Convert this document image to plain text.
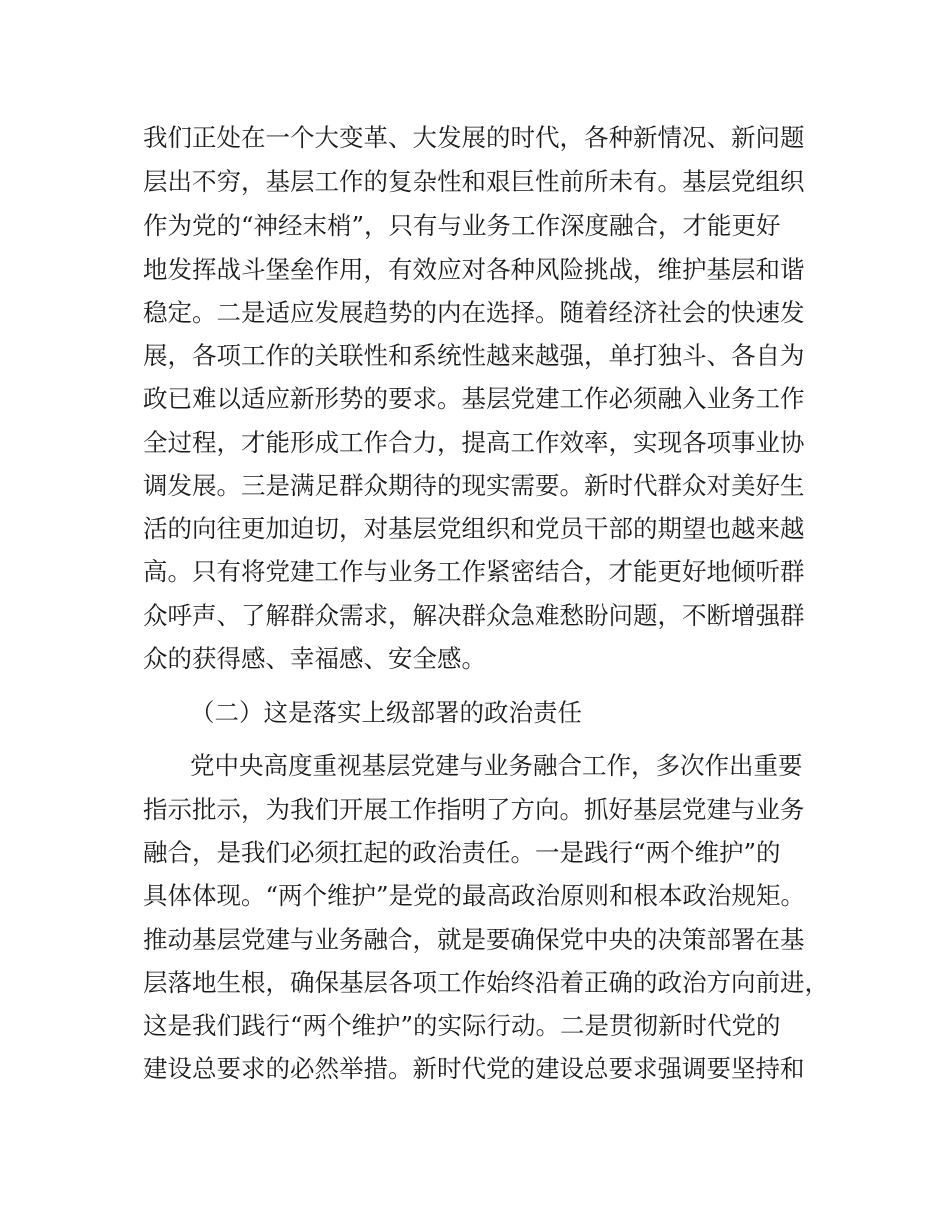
我们正处在一个大变革、大发展的时代，各种新情况、新问题
层出不穷，基层工作的复杂性和艰巨性前所未有。基层党组织
作为党的“神经末梢”，只有与业务工作深度融合，才能更好
地发挥战斗堡垒作用，有效应对各种风险挑战，维护基层和谐
稳定。二是适应发展趋势的内在选择。随着经济社会的快速发
展，各项工作的关联性和系统性越来越强，单打独斗、各自为
政已难以适应新形势的要求。基层党建工作必须融入业务工作
全过程，才能形成工作合力，提高工作效率，实现各项事业协
调发展。三是满足群众期待的现实需要。新时代群众对美好生
活的向往更加迫切，对基层党组织和党员干部的期望也越来越
高。只有将党建工作与业务工作紧密结合，才能更好地倾听群
众呼声、了解群众需求，解决群众急难愁盼问题，不断增强群
众的获得感、幸福感、安全感。
（二）这是落实上级部署的政治责任
党中央高度重视基层党建与业务融合工作，多次作出重要
指示批示，为我们开展工作指明了方向。抓好基层党建与业务
融合，是我们必须扛起的政治责任。一是践行“两个维护”的
具体体现。“两个维护”是党的最高政治原则和根本政治规矩。
推动基层党建与业务融合，就是要确保党中央的决策部署在基
层落地生根，确保基层各项工作始终沿着正确的政治方向前进，
这是我们践行“两个维护”的实际行动。二是贯彻新时代党的
建设总要求的必然举措。新时代党的建设总要求强调要坚持和
